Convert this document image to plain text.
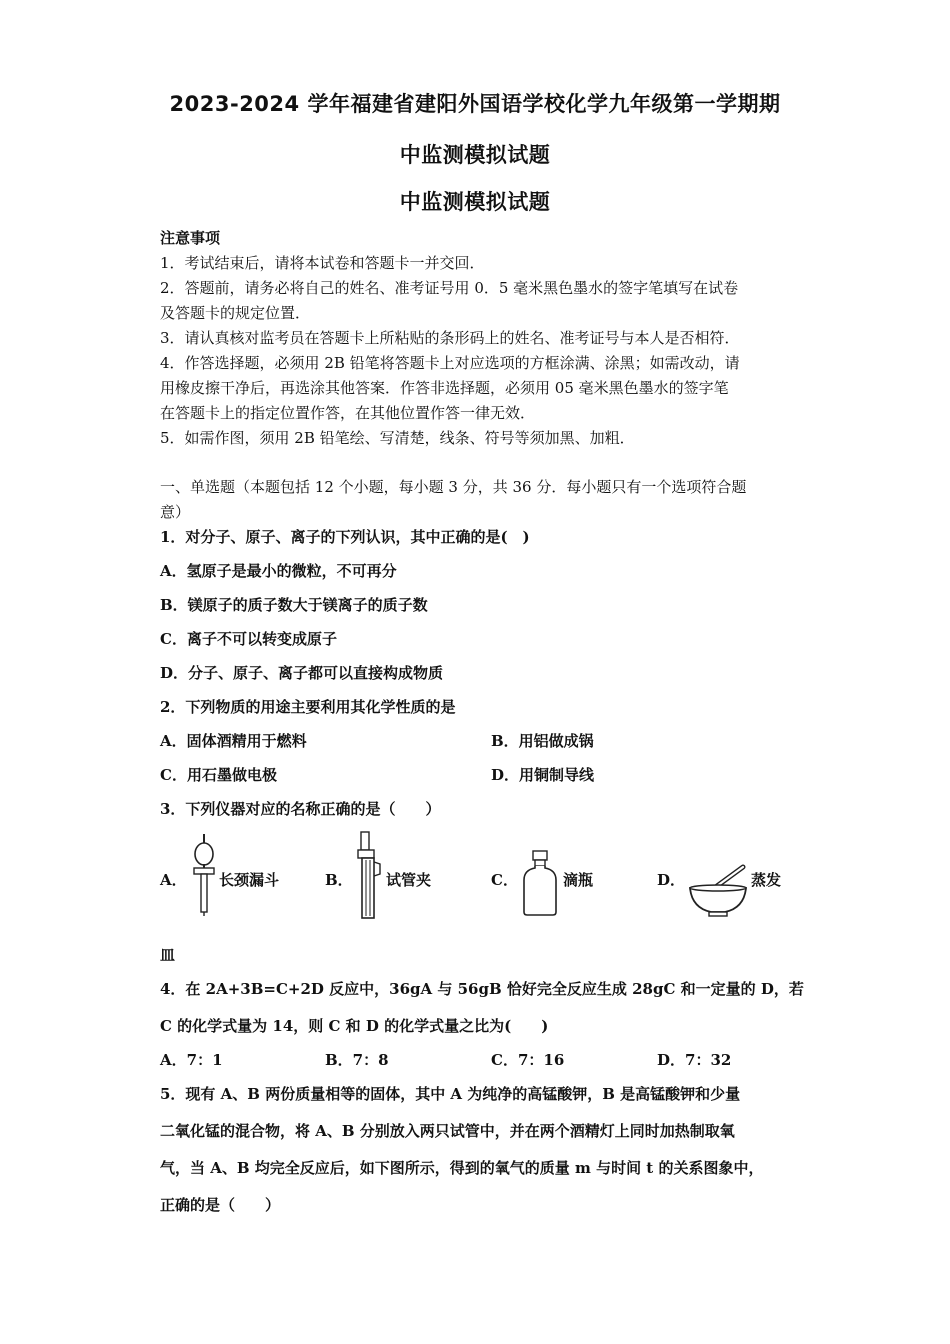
2023-2024 学年福建省建阳外国语学校化学九年级第一学期期
中监测模拟试题
中监测模拟试题
注意事项
1．考试结束后，请将本试卷和答题卡一并交回．
2．答题前，请务必将自己的姓名、准考证号用 0．5 毫米黑色墨水的签字笔填写在试卷
及答题卡的规定位置．
3．请认真核对监考员在答题卡上所粘贴的条形码上的姓名、准考证号与本人是否相符．
4．作答选择题，必须用 2B 铅笔将答题卡上对应选项的方框涂满、涂黑；如需改动，请
用橡皮擦干净后，再选涂其他答案．作答非选择题，必须用 05 毫米黑色墨水的签字笔
在答题卡上的指定位置作答，在其他位置作答一律无效．
5．如需作图，须用 2B 铅笔绘、写清楚，线条、符号等须加黑、加粗．
一、单选题（本题包括 12 个小题，每小题 3 分，共 36 分．每小题只有一个选项符合题
意）
1．对分子、原子、离子的下列认识，其中正确的是(　)
A．氢原子是最小的微粒，不可再分
B．镁原子的质子数大于镁离子的质子数
C．离子不可以转变成原子
D．分子、原子、离子都可以直接构成物质
2．下列物质的用途主要利用其化学性质的是
A．固体酒精用于燃料	B．用铝做成锅
C．用石墨做电极	D．用铜制导线
3．下列仪器对应的名称正确的是（　　）
A． 长颈漏斗	B． 试管夹	C．	滴瓶	D．	蒸发
皿
4．在 2A+3B=C+2D 反应中，36gA 与 56gB 恰好完全反应生成 28gC 和一定量的 D，若
C 的化学式量为 14，则 C 和 D 的化学式量之比为(　　)
A．7：1	B．7：8	C．7：16	D．7：32
5．现有 A、B 两份质量相等的固体，其中 A 为纯净的高锰酸钾，B 是高锰酸钾和少量
二氧化锰的混合物，将 A、B 分别放入两只试管中，并在两个酒精灯上同时加热制取氧
气，当 A、B 均完全反应后，如下图所示，得到的氧气的质量 m 与时间 t 的关系图象中，
正确的是（　　）
